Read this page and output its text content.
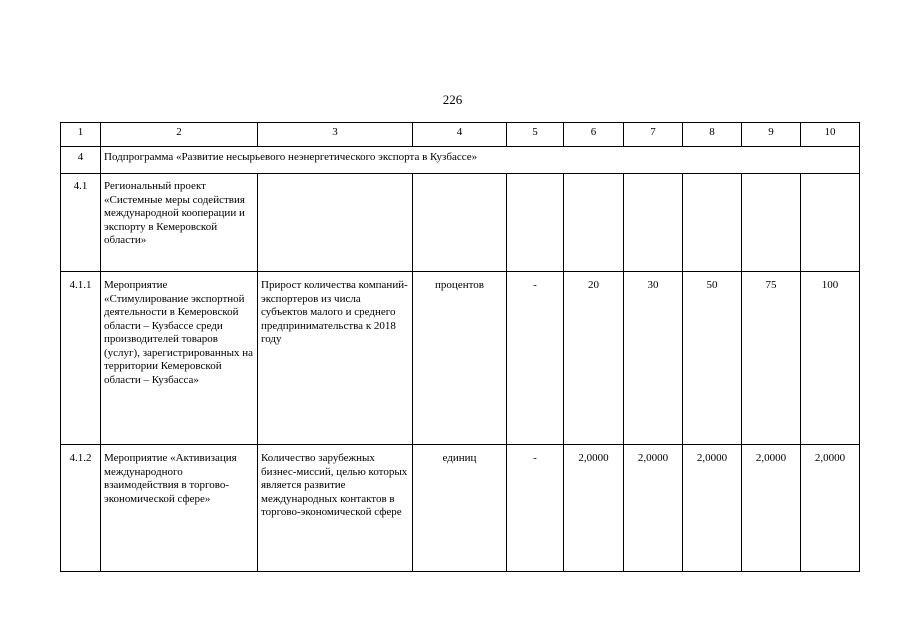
226
1	2	3	4	5	6	7	8	9	10
4	Подпрограмма «Развитие несырьевого неэнергетического экспорта в Кузбассе»								
4.1	Региональный проект «Системные меры содействия международной кооперации и экспорту в Кемеровской области»								
4.1.1	Мероприятие «Стимулирование экспортной деятельности в Кемеровской области – Кузбассе среди производителей товаров (услуг), зарегистрированных на территории Кемеровской области – Кузбасса»	Прирост количества компаний-экспортеров из числа субъектов малого и среднего предпринимательства к 2018 году	процентов	-	20	30	50	75	100
4.1.2	Мероприятие «Активизация международного взаимодействия в торгово-экономической сфере»	Количество зарубежных бизнес-миссий, целью которых является развитие международных контактов в торгово-экономической сфере	единиц	-	2,0000	2,0000	2,0000	2,0000	2,0000
